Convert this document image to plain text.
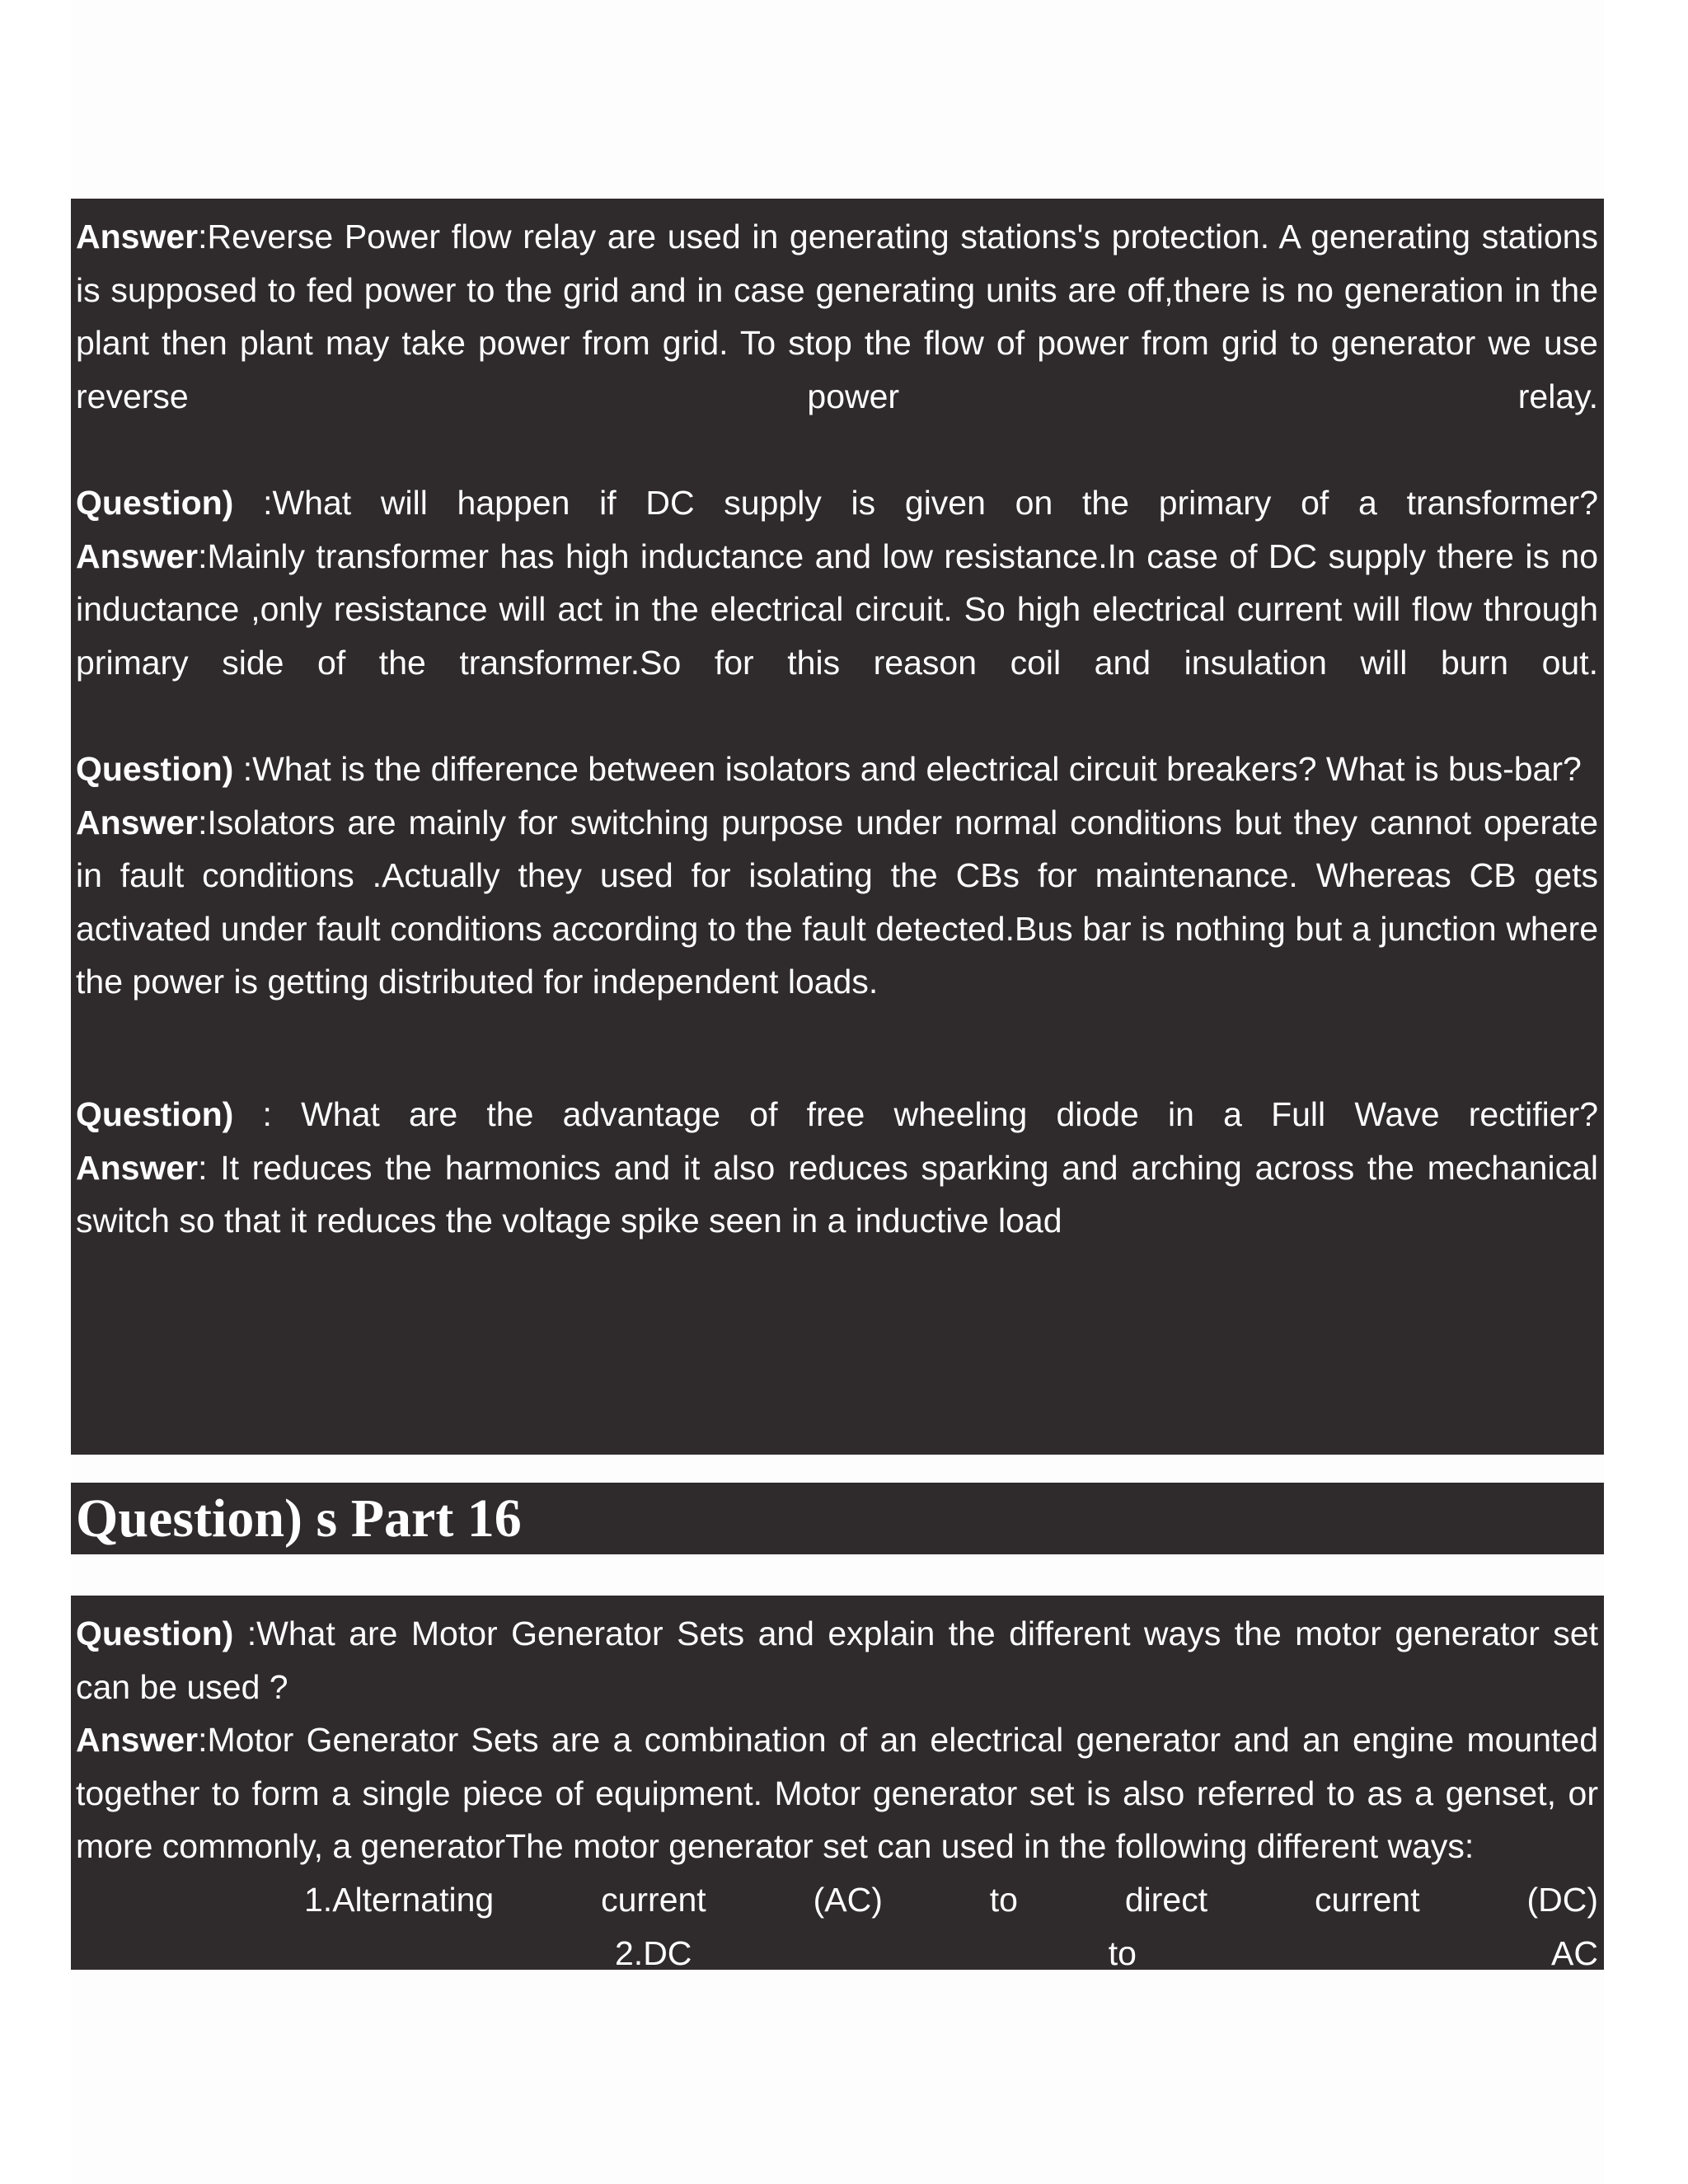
Answer:Reverse Power flow relay are used in generating stations's protection. A generating stations is supposed to fed power to the grid and in case generating units are off,there is no generation in the plant then plant may take power from grid. To stop the flow of power from grid to generator we use reverse power relay.

Question) :What will happen if DC supply is given on the primary of a transformer?

Answer:Mainly transformer has high inductance and low resistance.In case of DC supply there is no inductance ,only resistance will act in the electrical circuit. So high electrical current will flow through primary side of the transformer.So for this reason coil and insulation will burn out.

Question) :What is the difference between isolators and electrical circuit breakers? What is bus-bar?

Answer:Isolators are mainly for switching purpose under normal conditions but they cannot operate in fault conditions .Actually they used for isolating the CBs for maintenance. Whereas CB gets activated under fault conditions according to the fault detected.Bus bar is nothing but a junction where the power is getting distributed for independent loads.

Question) : What are the advantage of free wheeling diode in a Full Wave rectifier?

Answer: It reduces the harmonics and it also reduces sparking and arching across the mechanical switch so that it reduces the voltage spike seen in a inductive load

Question) s Part 16

Question) :What are Motor Generator Sets and explain the different ways the motor generator set can be used ?

Answer:Motor Generator Sets are a combination of an electrical generator and an engine mounted together to form a single piece of equipment. Motor generator set is also referred to as a genset, or more commonly, a generatorThe motor generator set can used in the following different ways:

1.Alternating current (AC) to direct current (DC)
2.DC to AC
